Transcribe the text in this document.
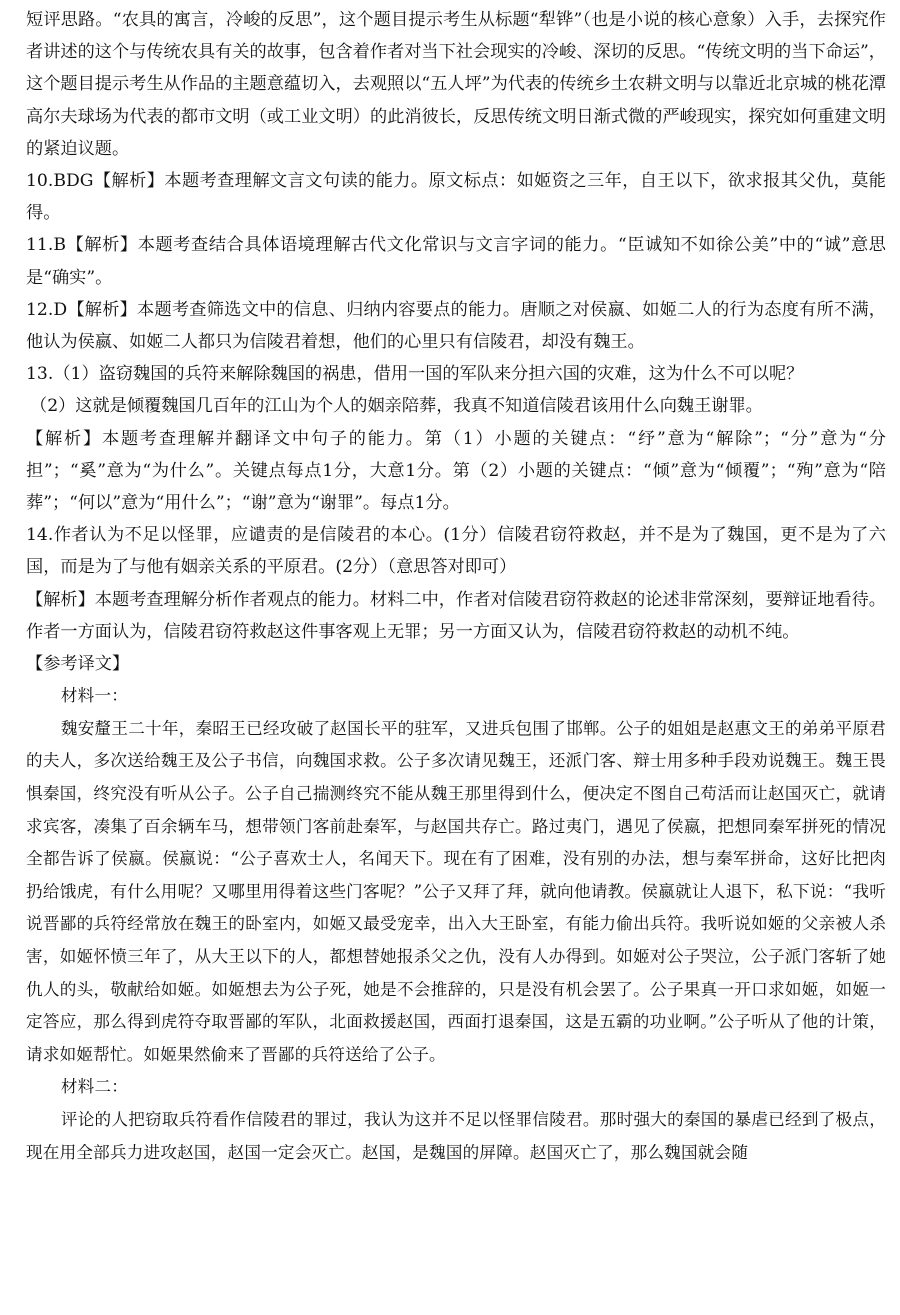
短评思路。“农具的寓言，冷峻的反思”，这个题目提示考生从标题“犁铧”（也是小说的核心意象）入手，去探究作者讲述的这个与传统农具有关的故事，包含着作者对当下社会现实的冷峻、深切的反思。“传统文明的当下命运”，这个题目提示考生从作品的主题意蕴切入，去观照以“五人坪”为代表的传统乡土农耕文明与以靠近北京城的桃花潭高尔夫球场为代表的都市文明（或工业文明）的此消彼长，反思传统文明日渐式微的严峻现实，探究如何重建文明的紧迫议题。

10.BDG【解析】本题考查理解文言文句读的能力。原文标点：如姬资之三年，自王以下，欲求报其父仇，莫能得。

11.B【解析】本题考查结合具体语境理解古代文化常识与文言字词的能力。“臣诚知不如徐公美”中的“诚”意思是“确实”。

12.D【解析】本题考查筛选文中的信息、归纳内容要点的能力。唐顺之对侯嬴、如姬二人的行为态度有所不满，他认为侯嬴、如姬二人都只为信陵君着想，他们的心里只有信陵君，却没有魏王。

13.（1）盗窃魏国的兵符来解除魏国的祸患，借用一国的军队来分担六国的灾难，这为什么不可以呢？

（2）这就是倾覆魏国几百年的江山为个人的姻亲陪葬，我真不知道信陵君该用什么向魏王谢罪。

【解析】本题考查理解并翻译文中句子的能力。第（1）小题的关键点：“纾”意为“解除”；“分”意为“分担”；“奚”意为“为什么”。关键点每点1分，大意1分。第（2）小题的关键点：“倾”意为“倾覆”；“殉”意为“陪葬”；“何以”意为“用什么”；“谢”意为“谢罪”。每点1分。

14.作者认为不足以怪罪，应谴责的是信陵君的本心。(1分）信陵君窃符救赵，并不是为了魏国，更不是为了六国，而是为了与他有姻亲关系的平原君。(2分）（意思答对即可）

【解析】本题考查理解分析作者观点的能力。材料二中，作者对信陵君窃符救赵的论述非常深刻，要辩证地看待。作者一方面认为，信陵君窃符救赵这件事客观上无罪；另一方面又认为，信陵君窃符救赵的动机不纯。

【参考译文】

材料一：

魏安釐王二十年，秦昭王已经攻破了赵国长平的驻军，又进兵包围了邯郸。公子的姐姐是赵惠文王的弟弟平原君的夫人，多次送给魏王及公子书信，向魏国求救。公子多次请见魏王，还派门客、辩士用多种手段劝说魏王。魏王畏惧秦国，终究没有听从公子。公子自己揣测终究不能从魏王那里得到什么，便决定不图自己苟活而让赵国灭亡，就请求宾客，凑集了百余辆车马，想带领门客前赴秦军，与赵国共存亡。路过夷门，遇见了侯嬴，把想同秦军拼死的情况全都告诉了侯嬴。侯嬴说：“公子喜欢士人，名闻天下。现在有了困难，没有别的办法，想与秦军拼命，这好比把肉扔给饿虎，有什么用呢？又哪里用得着这些门客呢？”公子又拜了拜，就向他请教。侯嬴就让人退下，私下说：“我听说晋鄙的兵符经常放在魏王的卧室内，如姬又最受宠幸，出入大王卧室，有能力偷出兵符。我听说如姬的父亲被人杀害，如姬怀愤三年了，从大王以下的人，都想替她报杀父之仇，没有人办得到。如姬对公子哭泣，公子派门客斩了她仇人的头，敬献给如姬。如姬想去为公子死，她是不会推辞的，只是没有机会罢了。公子果真一开口求如姬，如姬一定答应，那么得到虎符夺取晋鄙的军队，北面救援赵国，西面打退秦国，这是五霸的功业啊。”公子听从了他的计策，请求如姬帮忙。如姬果然偷来了晋鄙的兵符送给了公子。

材料二：

评论的人把窃取兵符看作信陵君的罪过，我认为这并不足以怪罪信陵君。那时强大的秦国的暴虐已经到了极点，现在用全部兵力进攻赵国，赵国一定会灭亡。赵国，是魏国的屏障。赵国灭亡了，那么魏国就会随
